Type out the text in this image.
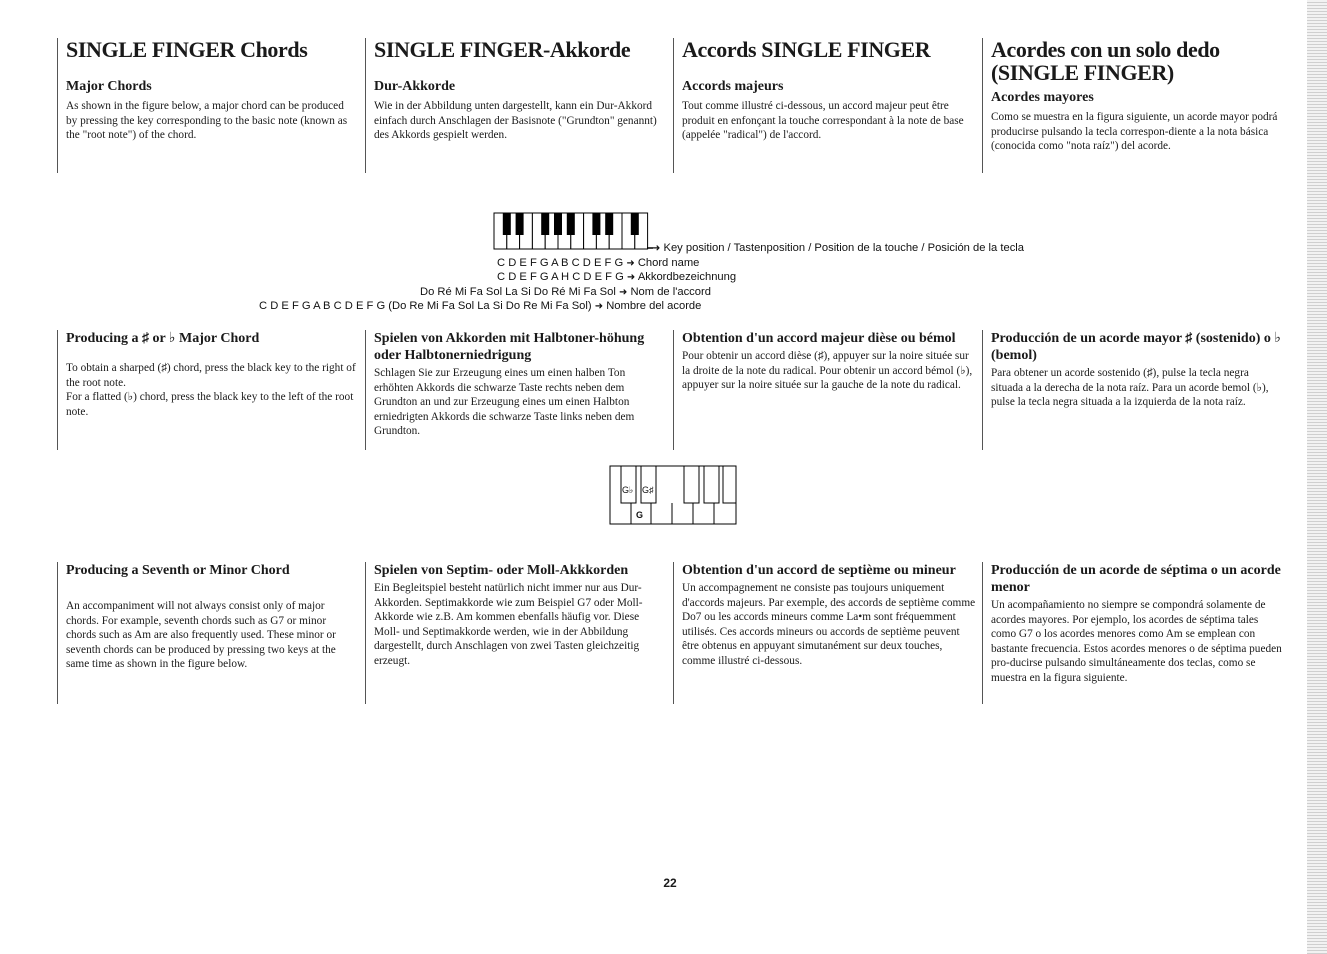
SINGLE FINGER Chords
Major Chords

As shown in the figure below, a major chord can be produced by pressing the key corresponding to the basic note (known as the "root note") of the chord.

SINGLE FINGER-Akkorde
Dur-Akkorde

Wie in der Abbildung unten dargestellt, kann ein Dur-Akkord einfach durch Anschlagen der Basisnote ("Grundton" genannt) des Akkords gespielt werden.

Accords SINGLE FINGER
Accords majeurs

Tout comme illustré ci-dessous, un accord majeur peut être produit en enfonçant la touche correspondant à la note de base (appelée "radical") de l'accord.

Acordes con un solo dedo (SINGLE FINGER)
Acordes mayores

Como se muestra en la figura siguiente, un acorde mayor podrá producirse pulsando la tecla correspon-diente a la nota básica (conocida como "nota raíz") del acorde.

➜ Key position / Tastenposition / Position de la touche / Posición de la tecla
C D E F G A B C D E F G ➜ Chord name
C D E F G A H C D E F G ➜ Akkordbezeichnung
Do Ré Mi Fa Sol La Si Do Ré Mi Fa Sol ➜ Nom de l'accord
C D E F G A B C D E F G (Do Re Mi Fa Sol La Si Do Re Mi Fa Sol) ➜ Nombre del acorde
Producing a ♯ or ♭ Major Chord

To obtain a sharped (♯) chord, press the black key to the right of the root note.
For a flatted (♭) chord, press the black key to the left of the root note.

Spielen von Akkorden mit Halbtoner-höhung oder Halbtonerniedrigung

Schlagen Sie zur Erzeugung eines um einen halben Ton erhöhten Akkords die schwarze Taste rechts neben dem Grundton an und zur Erzeugung eines um einen Halbton erniedrigten Akkords die schwarze Taste links neben dem Grundton.

Obtention d'un accord majeur dièse ou bémol

Pour obtenir un accord dièse (♯), appuyer sur la noire située sur la droite de la note du radical. Pour obtenir un accord bémol (♭), appuyer sur la noire située sur la gauche de la note du radical.

Producción de un acorde mayor ♯ (sostenido) o ♭ (bemol)

Para obtener un acorde sostenido (♯), pulse la tecla negra situada a la derecha de la nota raíz. Para un acorde bemol (♭), pulse la tecla negra situada a la izquierda de la nota raíz.

G♭ G♯
G
Producing a Seventh or Minor Chord

An accompaniment will not always consist only of major chords. For example, seventh chords such as G7 or minor chords such as Am are also frequently used. These minor or seventh chords can be produced by pressing two keys at the same time as shown in the figure below.

Spielen von Septim- oder Moll-Akkkorden

Ein Begleitspiel besteht natürlich nicht immer nur aus Dur-Akkorden. Septimakkorde wie zum Beispiel G7 oder Moll-Akkorde wie z.B. Am kommen ebenfalls häufig vor. Diese Moll- und Septimakkorde werden, wie in der Abbildung dargestellt, durch Anschlagen von zwei Tasten gleichzeitig erzeugt.

Obtention d'un accord de septième ou mineur

Un accompagnement ne consiste pas toujours uniquement d'accords majeurs. Par exemple, des accords de septième comme Do7 ou les accords mineurs comme La•m sont fréquemment utilisés. Ces accords mineurs ou accords de septième peuvent être obtenus en appuyant simutanément sur deux touches, comme illustré ci-dessous.

Producción de un acorde de séptima o un acorde menor

Un acompañamiento no siempre se compondrá solamente de acordes mayores. Por ejemplo, los acordes de séptima tales como G7 o los acordes menores como Am se emplean con bastante frecuencia. Estos acordes menores o de séptima pueden pro-ducirse pulsando simultáneamente dos teclas, como se muestra en la figura siguiente.

22
